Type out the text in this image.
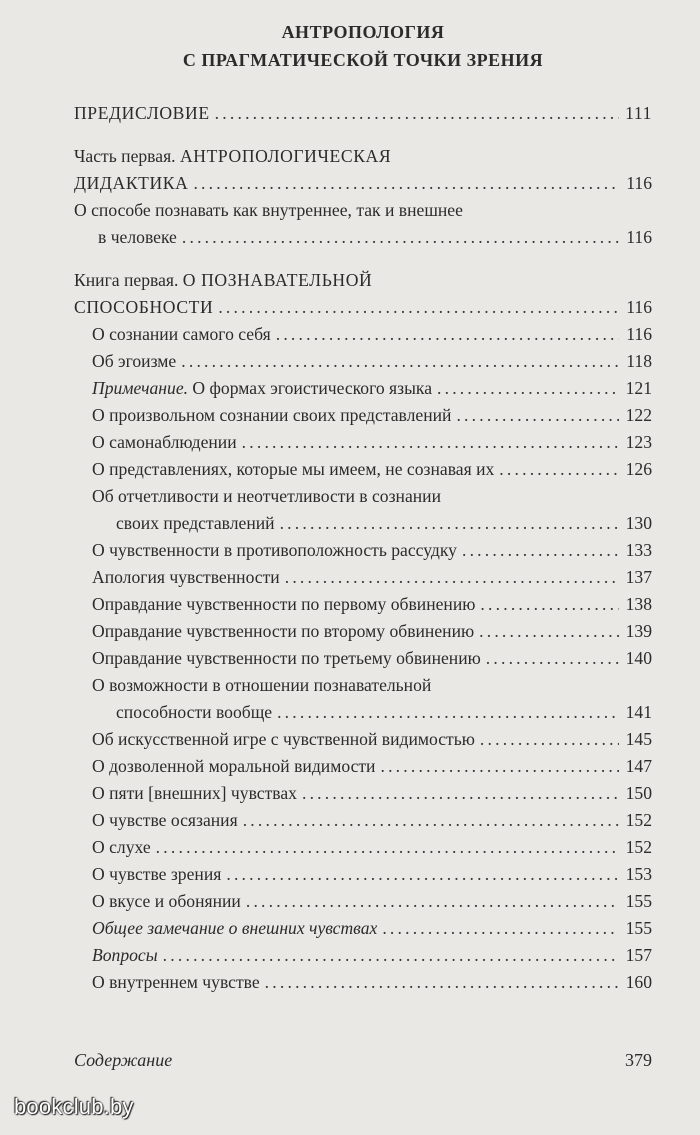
АНТРОПОЛОГИЯ
С ПРАГМАТИЧЕСКОЙ ТОЧКИ ЗРЕНИЯ
ПРЕДИСЛОВИЕ .....	111
Часть первая. АНТРОПОЛОГИЧЕСКАЯ
ДИДАКТИКА .....	116
О способе познавать как внутреннее, так и внешнее
в человеке .....	116
Книга первая. О ПОЗНАВАТЕЛЬНОЙ
СПОСОБНОСТИ .....	116
О сознании самого себя .....	116
Об эгоизме .....	118
Примечание. О формах эгоистического языка .....	121
О произвольном сознании своих представлений .....	122
О самонаблюдении .....	123
О представлениях, которые мы имеем, не сознавая их .....	126
Об отчетливости и неотчетливости в сознании
своих представлений .....	130
О чувственности в противоположность рассудку .....	133
Апология чувственности .....	137
Оправдание чувственности по первому обвинению .....	138
Оправдание чувственности по второму обвинению .....	139
Оправдание чувственности по третьему обвинению .....	140
О возможности в отношении познавательной
способности вообще .....	141
Об искусственной игре с чувственной видимостью .....	145
О дозволенной моральной видимости .....	147
О пяти [внешних] чувствах .....	150
О чувстве осязания .....	152
О слухе .....	152
О чувстве зрения .....	153
О вкусе и обонянии .....	155
Общее замечание о внешних чувствах .....	155
Вопросы .....	157
О внутреннем чувстве .....	160
Содержание	379
bookclub.by
